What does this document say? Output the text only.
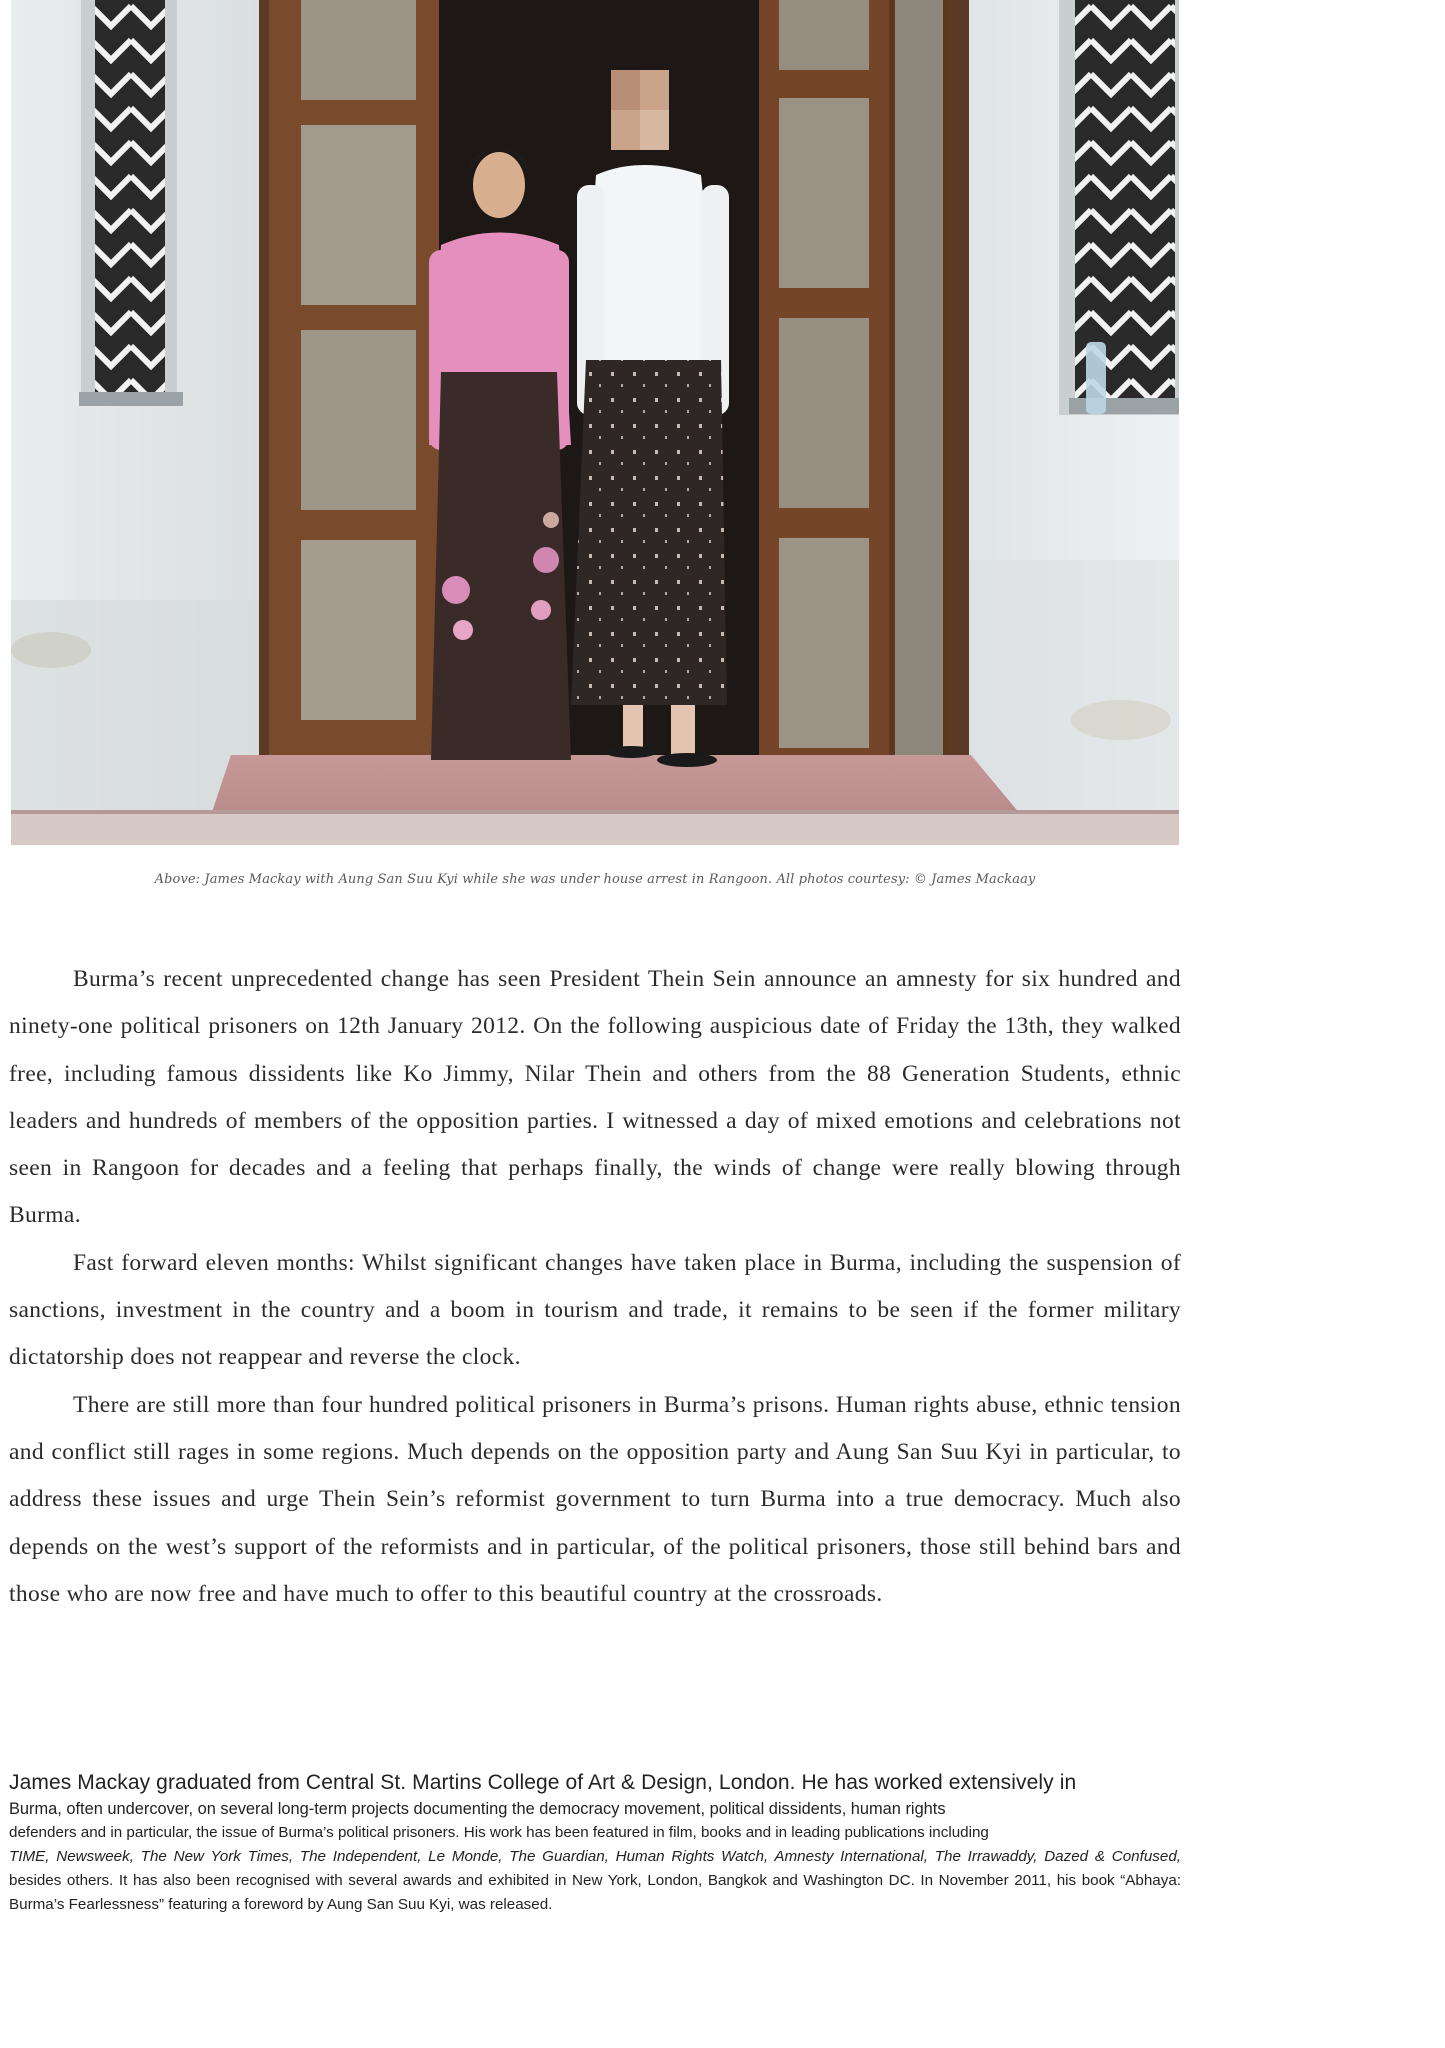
Above: James Mackay with Aung San Suu Kyi while she was under house arrest in Rangoon. All photos courtesy: © James Mackaay

Burma’s recent unprecedented change has seen President Thein Sein announce an amnesty for six hundred and ninety-one political prisoners on 12th January 2012. On the following auspicious date of Friday the 13th, they walked free, including famous dissidents like Ko Jimmy, Nilar Thein and others from the 88 Generation Students, ethnic leaders and hundreds of members of the opposition parties. I witnessed a day of mixed emotions and celebrations not seen in Rangoon for decades and a feeling that perhaps finally, the winds of change were really blowing through Burma.

Fast forward eleven months: Whilst significant changes have taken place in Burma, including the suspension of sanctions, investment in the country and a boom in tourism and trade, it remains to be seen if the former military dictatorship does not reappear and reverse the clock.

There are still more than four hundred political prisoners in Burma’s prisons. Human rights abuse, ethnic tension and conflict still rages in some regions. Much depends on the opposition party and Aung San Suu Kyi in particular, to address these issues and urge Thein Sein’s reformist government to turn Burma into a true democracy. Much also depends on the west’s support of the reformists and in particular, of the political prisoners, those still behind bars and those who are now free and have much to offer to this beautiful country at the crossroads.

James Mackay graduated from Central St. Martins College of Art & Design, London. He has worked extensively in
Burma, often undercover, on several long-term projects documenting the democracy movement, political dissidents, human rights
defenders and in particular, the issue of Burma’s political prisoners. His work has been featured in film, books and in leading publications including
TIME, Newsweek, The New York Times, The Independent, Le Monde, The Guardian, Human Rights Watch, Amnesty International, The Irrawaddy, Dazed & Confused, besides others. It has also been recognised with several awards and exhibited in New York, London, Bangkok and Washington DC. In November 2011, his book “Abhaya: Burma’s Fearlessness” featuring a foreword by Aung San Suu Kyi, was released.
